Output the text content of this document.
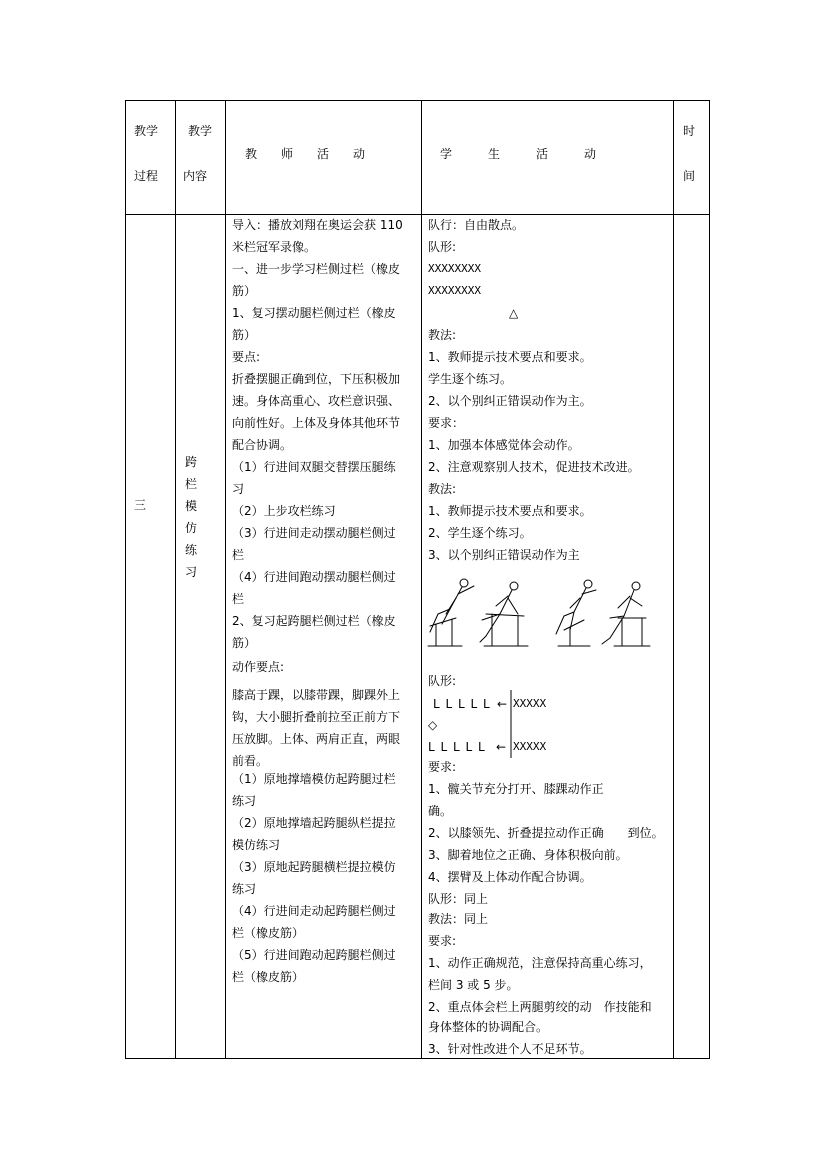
教学
过程
教学
内容
教　　师　　活　　动	学　　　生　　　活　　　动
时
间
三
跨
栏
模
仿
练
习
导入：播放刘翔在奥运会获 110
米栏冠军录像。
一、进一步学习栏侧过栏（橡皮
筋）
1、复习摆动腿栏侧过栏（橡皮
筋）
要点:
折叠摆腿正确到位，下压积极加
速。身体高重心、攻栏意识强、
向前性好。上体及身体其他环节
配合协调。
（1）行进间双腿交替摆压腿练
习
（2）上步攻栏练习
（3）行进间走动摆动腿栏侧过
栏
（4）行进间跑动摆动腿栏侧过
栏
2、复习起跨腿栏侧过栏（橡皮
筋）
动作要点:
膝高于踝，以膝带踝，脚踝外上
钩，大小腿折叠前拉至正前方下
压放脚。上体、两肩正直，两眼
前看。
（1）原地撑墙模仿起跨腿过栏
练习
（2）原地撑墙起跨腿纵栏提拉
模仿练习
（3）原地起跨腿横栏提拉模仿
练习
（4）行进间走动起跨腿栏侧过
栏（橡皮筋）
（5）行进间跑动起跨腿栏侧过
栏（橡皮筋）
队行：自由散点。
队形:
XXXXXXXX
XXXXXXXX
△
教法:
1、教师提示技术要点和要求。
学生逐个练习。
2、以个别纠正错误动作为主。
要求：
1、加强本体感觉体会动作。
2、注意观察别人技术，促进技术改进。
教法:
1、教师提示技术要点和要求。
2、学生逐个练习。
3、以个别纠正错误动作为主
队形:
L L L L L ← XXXXX
◇
L L L L L ← XXXXX
要求:
1、髋关节充分打开、膝踝动作正
确。
2、以膝领先、折叠提拉动作正确　　到位。
3、脚着地位之正确、身体积极向前。
4、摆臂及上体动作配合协调。
队形：同上
教法：同上
要求:
1、动作正确规范，注意保持高重心练习，
栏间 3 或 5 步。
2、重点体会栏上两腿剪绞的动　作技能和
身体整体的协调配合。
3、针对性改进个人不足环节。
